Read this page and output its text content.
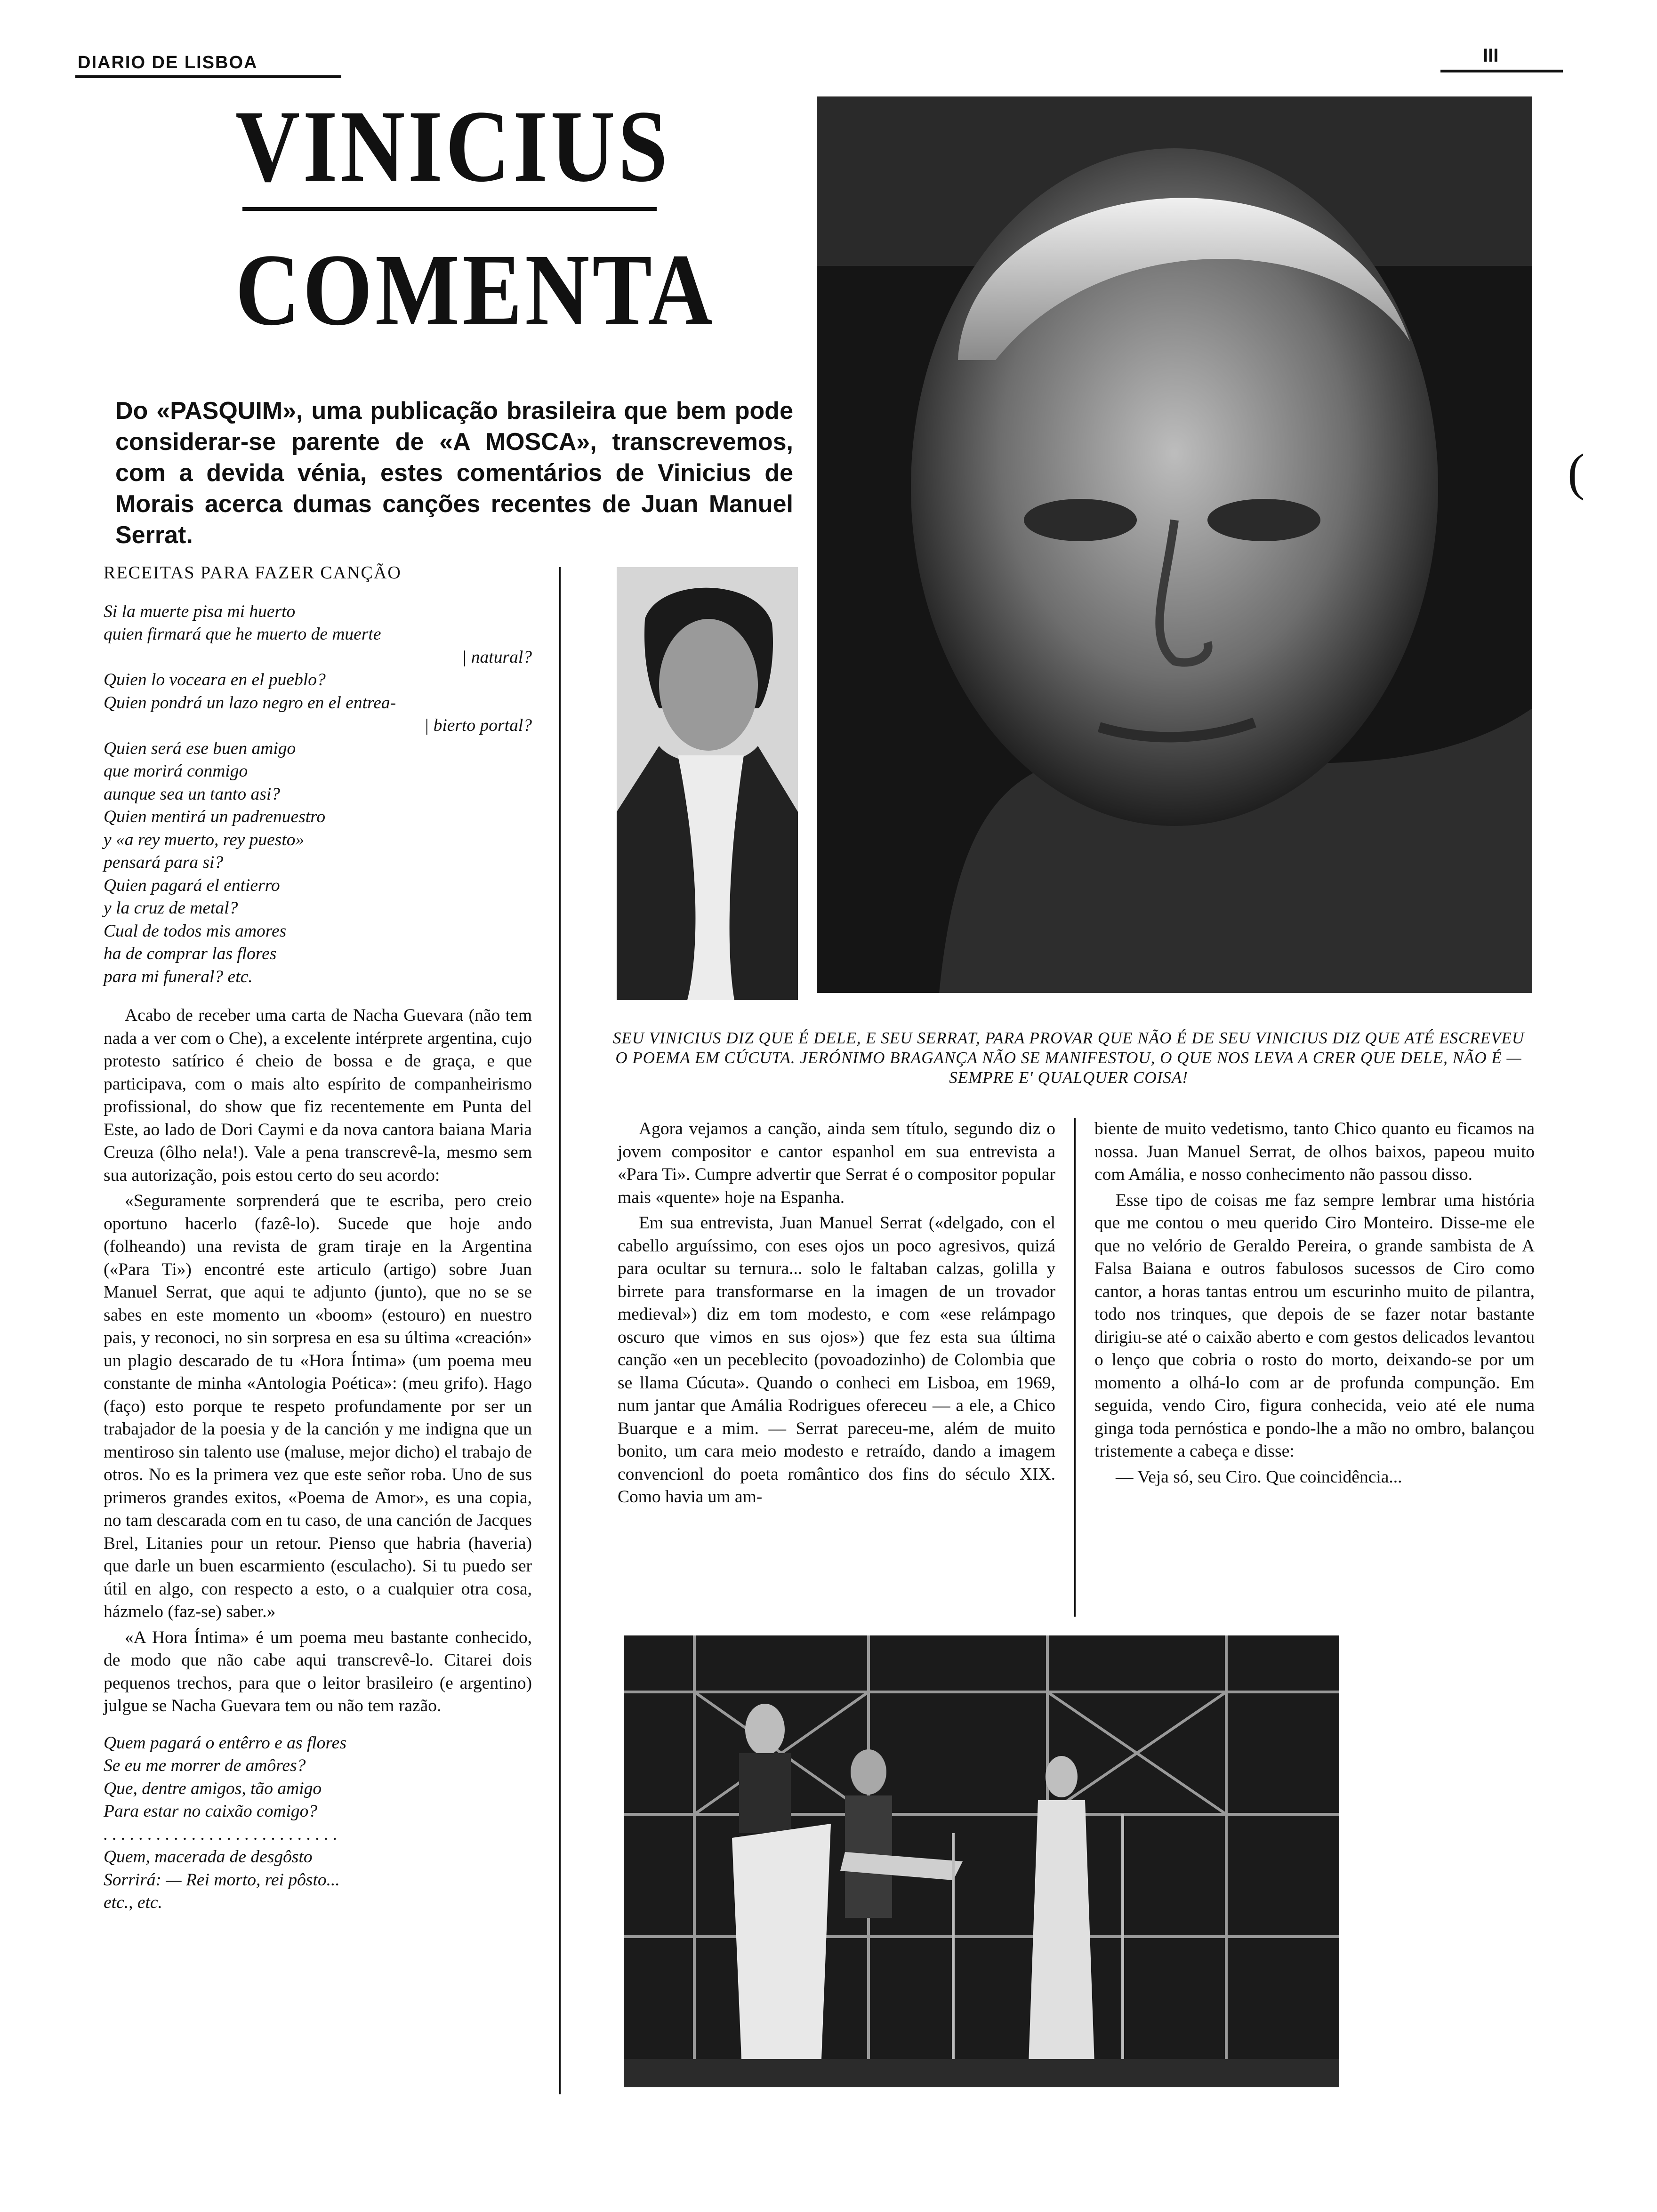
DIARIO DE LISBOA	III
VINICIUS
COMENTA
Do «PASQUIM», uma publicação brasileira que bem pode considerar-se parente de «A MOSCA», transcrevemos, com a devida vénia, estes comentários de Vinicius de Morais acerca dumas canções recentes de Juan Manuel Serrat.
SEU VINICIUS DIZ QUE É DELE, E SEU SERRAT, PARA PROVAR QUE NÃO É DE SEU VINICIUS DIZ QUE ATÉ ESCREVEU O POEMA EM CÚCUTA. JERÓNIMO BRAGANÇA NÃO SE MANIFESTOU, O QUE NOS LEVA A CRER QUE DELE, NÃO É — SEMPRE E' QUALQUER COISA!
RECEITAS PARA FAZER CANÇÃO
Si la muerte pisa mi huerto
quien firmará que he muerto de muerte
| natural?
Quien lo voceara en el pueblo?
Quien pondrá un lazo negro en el entrea-
| bierto portal?
Quien será ese buen amigo
que morirá conmigo
aunque sea un tanto asi?
Quien mentirá un padrenuestro
y «a rey muerto, rey puesto»
pensará para si?
Quien pagará el entierro
y la cruz de metal?
Cual de todos mis amores
ha de comprar las flores
para mi funeral? etc.

Acabo de receber uma carta de Nacha Guevara (não tem nada a ver com o Che), a excelente intérprete argentina, cujo protesto satírico é cheio de bossa e de graça, e que participava, com o mais alto espírito de companheirismo profissional, do show que fiz recentemente em Punta del Este, ao lado de Dori Caymi e da nova cantora baiana Maria Creuza (ôlho nela!). Vale a pena transcrevê-la, mesmo sem sua autorização, pois estou certo do seu acordo:

«Seguramente sorprenderá que te escriba, pero creio oportuno hacerlo (fazê-lo). Sucede que hoje ando (folheando) una revista de gram tiraje en la Argentina («Para Ti») encontré este articulo (artigo) sobre Juan Manuel Serrat, que aqui te adjunto (junto), que no se se sabes en este momento un «boom» (estouro) en nuestro pais, y reconoci, no sin sorpresa en esa su última «creación» un plagio descarado de tu «Hora Íntima» (um poema meu constante de minha «Antologia Poética»: (meu grifo). Hago (faço) esto porque te respeto profundamente por ser un trabajador de la poesia y de la canción y me indigna que un mentiroso sin talento use (maluse, mejor dicho) el trabajo de otros. No es la primera vez que este señor roba. Uno de sus primeros grandes exitos, «Poema de Amor», es una copia, no tam descarada com en tu caso, de una canción de Jacques Brel, Litanies pour un retour. Pienso que habria (haveria) que darle un buen escarmiento (esculacho). Si tu puedo ser útil en algo, con respecto a esto, o a cualquier otra cosa, házmelo (faz-se) saber.»

«A Hora Íntima» é um poema meu bastante conhecido, de modo que não cabe aqui transcrevê-lo. Citarei dois pequenos trechos, para que o leitor brasileiro (e argentino) julgue se Nacha Guevara tem ou não tem razão.

Quem pagará o entêrro e as flores
Se eu me morrer de amôres?
Que, dentre amigos, tão amigo
Para estar no caixão comigo?
. . . . . . . . . . . . . . . . . . . . . . . . . . .
Quem, macerada de desgôsto
Sorrirá: — Rei morto, rei pôsto...
etc., etc.

Agora vejamos a canção, ainda sem título, segundo diz o jovem compositor e cantor espanhol em sua entrevista a «Para Ti». Cumpre advertir que Serrat é o compositor popular mais «quente» hoje na Espanha.

Em sua entrevista, Juan Manuel Serrat («delgado, con el cabello arguíssimo, con eses ojos un poco agresivos, quizá para ocultar su ternura... solo le faltaban calzas, golilla y birrete para transformarse en la imagen de un trovador medieval») diz em tom modesto, e com «ese relámpago oscuro que vimos en sus ojos») que fez esta sua última canção «en un peceblecito (povoadozinho) de Colombia que se llama Cúcuta». Quando o conheci em Lisboa, em 1969, num jantar que Amália Rodrigues ofereceu — a ele, a Chico Buarque e a mim. — Serrat pareceu-me, além de muito bonito, um cara meio modesto e retraído, dando a imagem convencionl do poeta romântico dos fins do século XIX. Como havia um am-

biente de muito vedetismo, tanto Chico quanto eu ficamos na nossa. Juan Manuel Serrat, de olhos baixos, papeou muito com Amália, e nosso conhecimento não passou disso.

Esse tipo de coisas me faz sempre lembrar uma história que me contou o meu querido Ciro Monteiro. Disse-me ele que no velório de Geraldo Pereira, o grande sambista de A Falsa Baiana e outros fabulosos sucessos de Ciro como cantor, a horas tantas entrou um escurinho muito de pilantra, todo nos trinques, que depois de se fazer notar bastante dirigiu-se até o caixão aberto e com gestos delicados levantou o lenço que cobria o rosto do morto, deixando-se por um momento a olhá-lo com ar de profunda compunção. Em seguida, vendo Ciro, figura conhecida, veio até ele numa ginga toda pernóstica e pondo-lhe a mão no ombro, balançou tristemente a cabeça e disse:

— Veja só, seu Ciro. Que coincidência...

(
